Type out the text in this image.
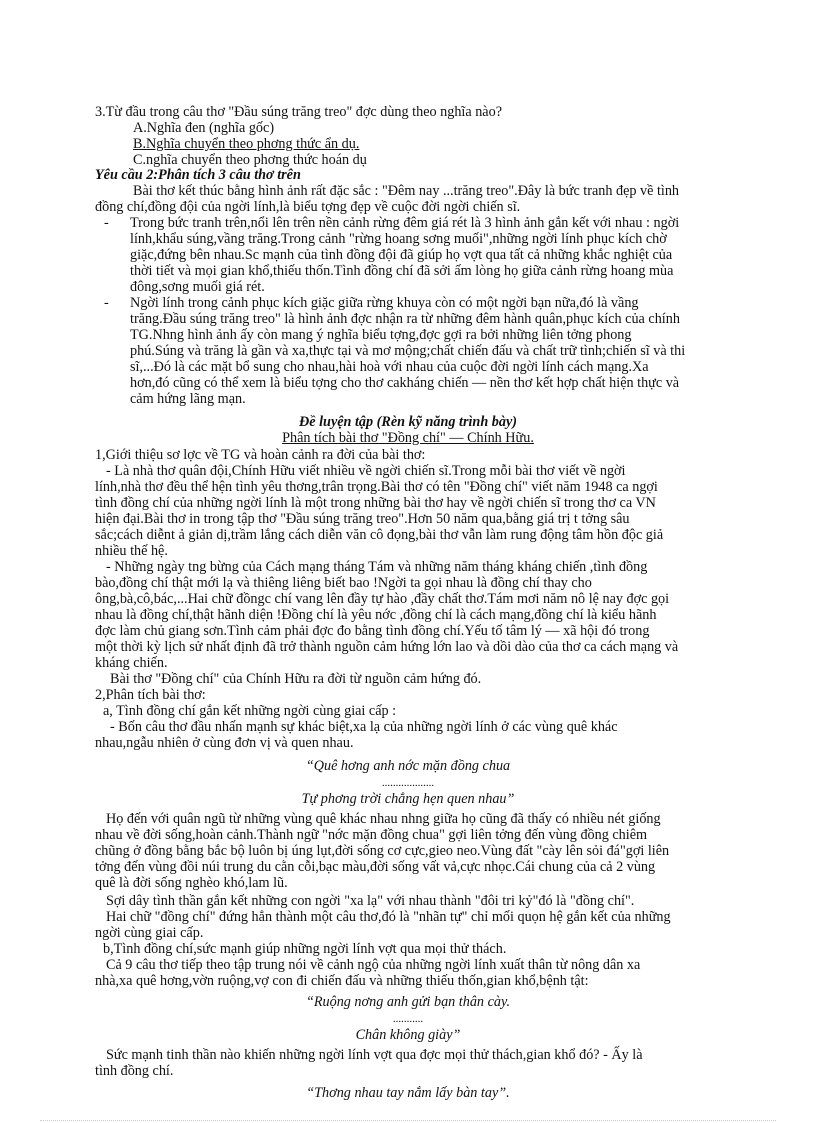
3.Từ đầu trong câu thơ "Đầu súng trăng treo" đợc dùng theo nghĩa nào?
A.Nghĩa đen (nghĩa gốc)
B.Nghĩa chuyển theo phơng thức ẩn dụ.
C.nghĩa chuyển theo phơng thức hoán dụ
Yêu cầu 2:Phân tích 3 câu thơ trên
Bài thơ kết thúc bằng hình ảnh rất đặc sắc : "Đêm nay ...trăng treo".Đây là bức tranh đẹp về tình
đồng chí,đồng đội của ngời lính,là biểu tợng đẹp về cuộc đời ngời chiến sĩ.
- Trong bức tranh trên,nổi lên trên nền cảnh rừng đêm giá rét là 3 hình ảnh gắn kết với nhau : ngời
lính,khẩu súng,vầng trăng.Trong cảnh "rừng hoang sơng muối",những ngời lính phục kích chờ
giặc,đứng bên nhau.Sc mạnh của tình đồng đội đã giúp họ vợt qua tất cả những khắc nghiệt của
thời tiết và mọi gian khổ,thiếu thốn.Tình đồng chí đã sởi ấm lòng họ giữa cảnh rừng hoang mùa
đông,sơng muối giá rét.
- Ngời lính trong cảnh phục kích giặc giữa rừng khuya còn có một ngời bạn nữa,đó là vầng
trăng.Đầu súng trăng treo" là hình ảnh đợc nhận ra từ những đêm hành quân,phục kích của chính
TG.Nhng hình ảnh ấy còn mang ý nghĩa biểu tợng,đợc gợi ra bởi những liên tởng phong
phú.Súng và trăng là gần và xa,thực tại và mơ mộng;chất chiến đấu và chất trữ tình;chiến sĩ và thi
sĩ,...Đó là các mặt bổ sung cho nhau,hài hoà với nhau của cuộc đời ngời lính cách mạng.Xa
hơn,đó cũng có thể xem là biểu tợng cho thơ cakháng chiến — nền thơ kết hợp chất hiện thực và
cảm hứng lãng mạn.
Đề luyện tập (Rèn kỹ năng trình bày)
Phân tích bài thơ "Đồng chí" — Chính Hữu.
1,Giới thiệu sơ lợc về TG và hoàn cảnh ra đời của bài thơ:
- Là nhà thơ quân đội,Chính Hữu viết nhiều về ngời chiến sĩ.Trong mỗi bài thơ viết về ngời
lính,nhà thơ đều thể hện tình yêu thơng,trân trọng.Bài thơ có tên "Đồng chí" viết năm 1948 ca ngợi
tình đồng chí của những ngời lính là một trong những bài thơ hay về ngời chiến sĩ trong thơ ca VN
hiện đại.Bài thơ in trong tập thơ "Đầu súng trăng treo".Hơn 50 năm qua,bằng giá trị t tởng sâu
sắc;cách diễnt ả giản dị,trầm lắng cách diễn văn cô đọng,bài thơ vẫn làm rung động tâm hồn độc giả
nhiều thế hệ.
- Những ngày tng bừng của Cách mạng tháng Tám và những năm tháng kháng chiến ,tình đồng
bào,đồng chí thật mới lạ và thiêng liêng biết bao !Ngời ta gọi nhau là đồng chí thay cho
ông,bà,cô,bác,...Hai chữ đồngc chí vang lên đầy tự hào ,đầy chất thơ.Tám mơi năm nô lệ nay đợc gọi
nhau là đồng chí,thật hãnh diện !Đồng chí là yêu nớc ,đồng chí là cách mạng,đồng chí là kiểu hãnh
đợc làm chủ giang sơn.Tình cảm phải đợc đo bằng tình đồng chí.Yếu tố tâm lý — xã hội đó trong
một thời kỳ lịch sử nhất định đã trở thành nguồn cảm hứng lớn lao và dồi dào của thơ ca cách mạng và
kháng chiến.
Bài thơ "Đồng chí" của Chính Hữu ra đời từ nguồn cảm hứng đó.
2,Phân tích bài thơ:
a, Tình đồng chí gắn kết những ngời cùng giai cấp :
- Bốn câu thơ đầu nhấn mạnh sự khác biệt,xa lạ của những ngời lính ở các vùng quê khác
nhau,ngẫu nhiên ở cùng đơn vị và quen nhau.
“Quê hơng anh nớc mặn đồng chua
...................
Tự phơng trời chẳng hẹn quen nhau”
Họ đến với quân ngũ từ những vùng quê khác nhau nhng giữa họ cũng đã thấy có nhiều nét giống
nhau về đời sống,hoàn cảnh.Thành ngữ "nớc mặn đồng chua" gợi liên tởng đến vùng đồng chiêm
chũng ở đồng bằng bắc bộ luôn bị úng lụt,đời sống cơ cực,gieo neo.Vùng đất "cày lên sỏi đá"gợi liên
tởng đến vùng đồi núi trung du cằn cỗi,bạc màu,đời sống vất vả,cực nhọc.Cái chung của cả 2 vùng
quê là đời sống nghèo khó,lam lũ.
Sợi dây tình thần gắn kết những con ngời "xa lạ" với nhau thành "đôi tri kỷ"đó là "đồng chí".
Hai chữ "đồng chí" đứng hẳn thành một câu thơ,đó là "nhãn tự" chỉ mối quọn hệ gắn kết của những
ngời cùng giai cấp.
b,Tình đồng chí,sức mạnh giúp những ngời lính vợt qua mọi thử thách.
Cả 9 câu thơ tiếp theo tập trung nói về cảnh ngộ của những ngời lính xuất thân từ nông dân xa
nhà,xa quê hơng,vờn ruộng,vợ con đi chiến đấu và những thiếu thốn,gian khổ,bệnh tật:
“Ruộng nơng anh gửi bạn thân cày.
...........
Chân không giày”
Sức mạnh tinh thần nào khiến những ngời lính vợt qua đợc mọi thử thách,gian khổ đó? - Ấy là
tình đồng chí.
“Thơng nhau tay nắm lấy bàn tay”.
